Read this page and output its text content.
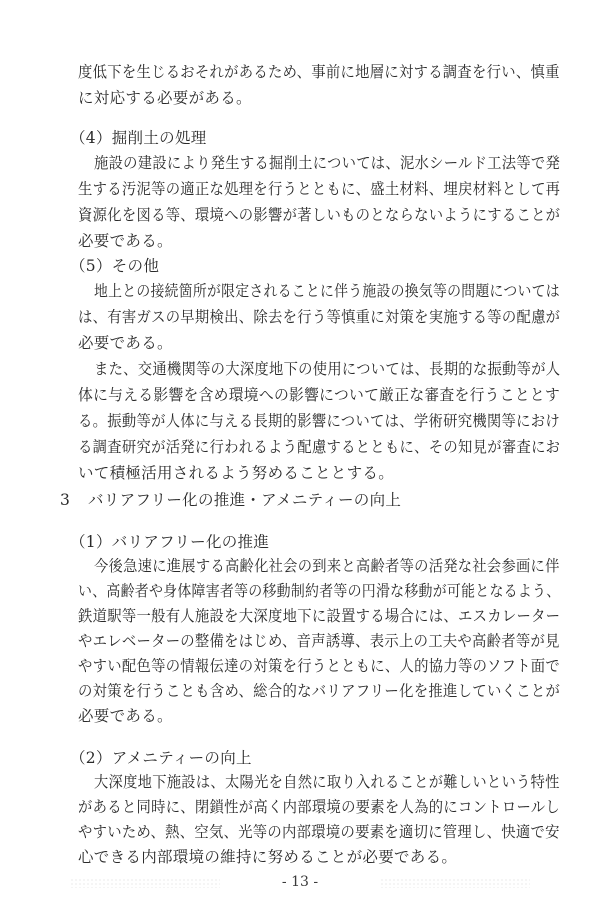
度低下を生じるおそれがあるため、事前に地層に対する調査を行い、慎重
に対応する必要がある。
（4）掘削土の処理
施設の建設により発生する掘削土については、泥水シールド工法等で発
生する汚泥等の適正な処理を行うとともに、盛土材料、埋戻材料として再
資源化を図る等、環境への影響が著しいものとならないようにすることが
必要である。
（5）その他
地上との接続箇所が限定されることに伴う施設の換気等の問題については
は、有害ガスの早期検出、除去を行う等慎重に対策を実施する等の配慮が
必要である。
また、交通機関等の大深度地下の使用については、長期的な振動等が人
体に与える影響を含め環境への影響について厳正な審査を行うこととす
る。振動等が人体に与える長期的影響については、学術研究機関等におけ
る調査研究が活発に行われるよう配慮するとともに、その知見が審査にお
いて積極活用されるよう努めることとする。
3 バリアフリー化の推進・アメニティーの向上
（1）バリアフリー化の推進
今後急速に進展する高齢化社会の到来と高齢者等の活発な社会参画に伴
い、高齢者や身体障害者等の移動制約者等の円滑な移動が可能となるよう、
鉄道駅等一般有人施設を大深度地下に設置する場合には、エスカレーター
やエレベーターの整備をはじめ、音声誘導、表示上の工夫や高齢者等が見
やすい配色等の情報伝達の対策を行うとともに、人的協力等のソフト面で
の対策を行うことも含め、総合的なバリアフリー化を推進していくことが
必要である。
（2）アメニティーの向上
大深度地下施設は、太陽光を自然に取り入れることが難しいという特性
があると同時に、閉鎖性が高く内部環境の要素を人為的にコントロールし
やすいため、熱、空気、光等の内部環境の要素を適切に管理し、快適で安
心できる内部環境の維持に努めることが必要である。
- 13 -
